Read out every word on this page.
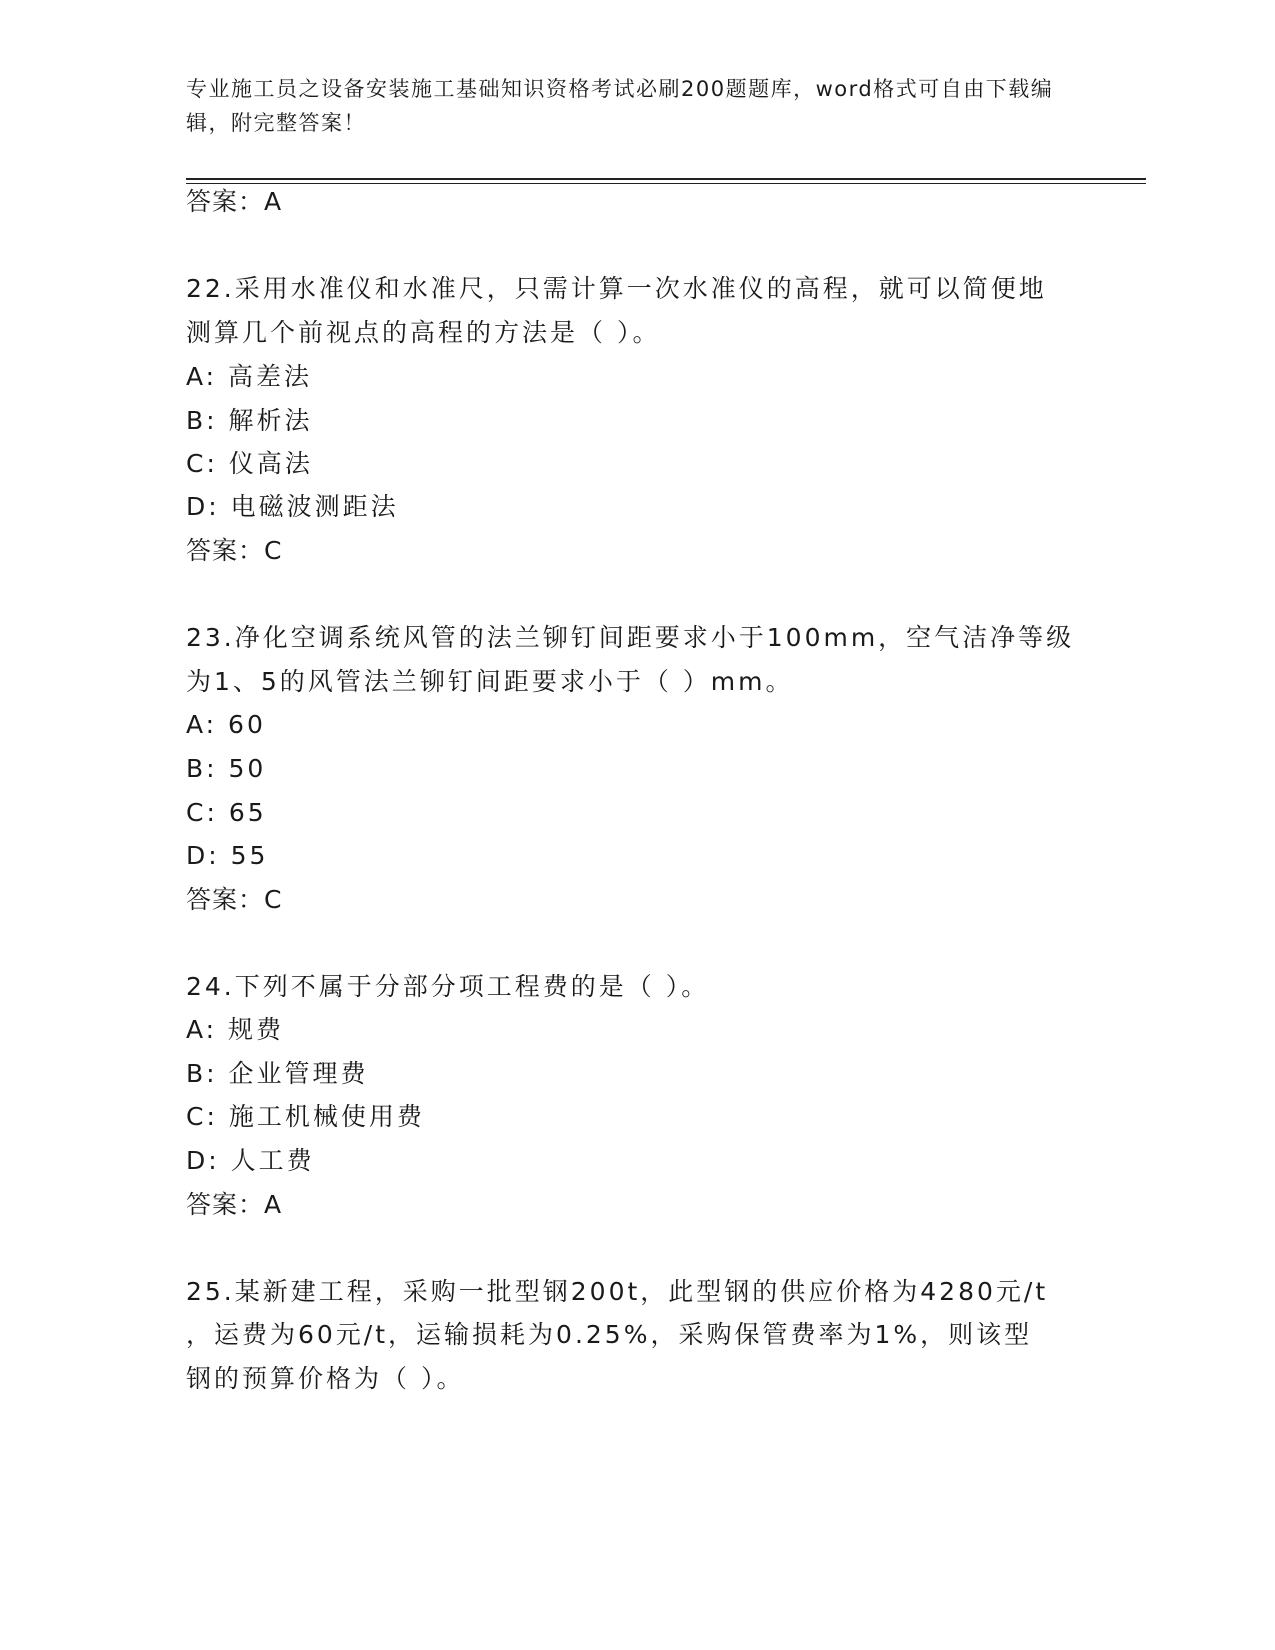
专业施工员之设备安装施工基础知识资格考试必刷200题题库，word格式可自由下载编辑，附完整答案！
答案：A
22.采用水准仪和水准尺，只需计算一次水准仪的高程，就可以简便地
测算几个前视点的高程的方法是（ ）。
A: 高差法
B: 解析法
C: 仪高法
D: 电磁波测距法
答案：C
23.净化空调系统风管的法兰铆钉间距要求小于100mm，空气洁净等级
为1、5的风管法兰铆钉间距要求小于（ ）mm。
A: 60
B: 50
C: 65
D: 55
答案：C
24.下列不属于分部分项工程费的是（ ）。
A: 规费
B: 企业管理费
C: 施工机械使用费
D: 人工费
答案：A
25.某新建工程，采购一批型钢200t，此型钢的供应价格为4280元/t
，运费为60元/t，运输损耗为0.25%，采购保管费率为1%，则该型
钢的预算价格为（ ）。
